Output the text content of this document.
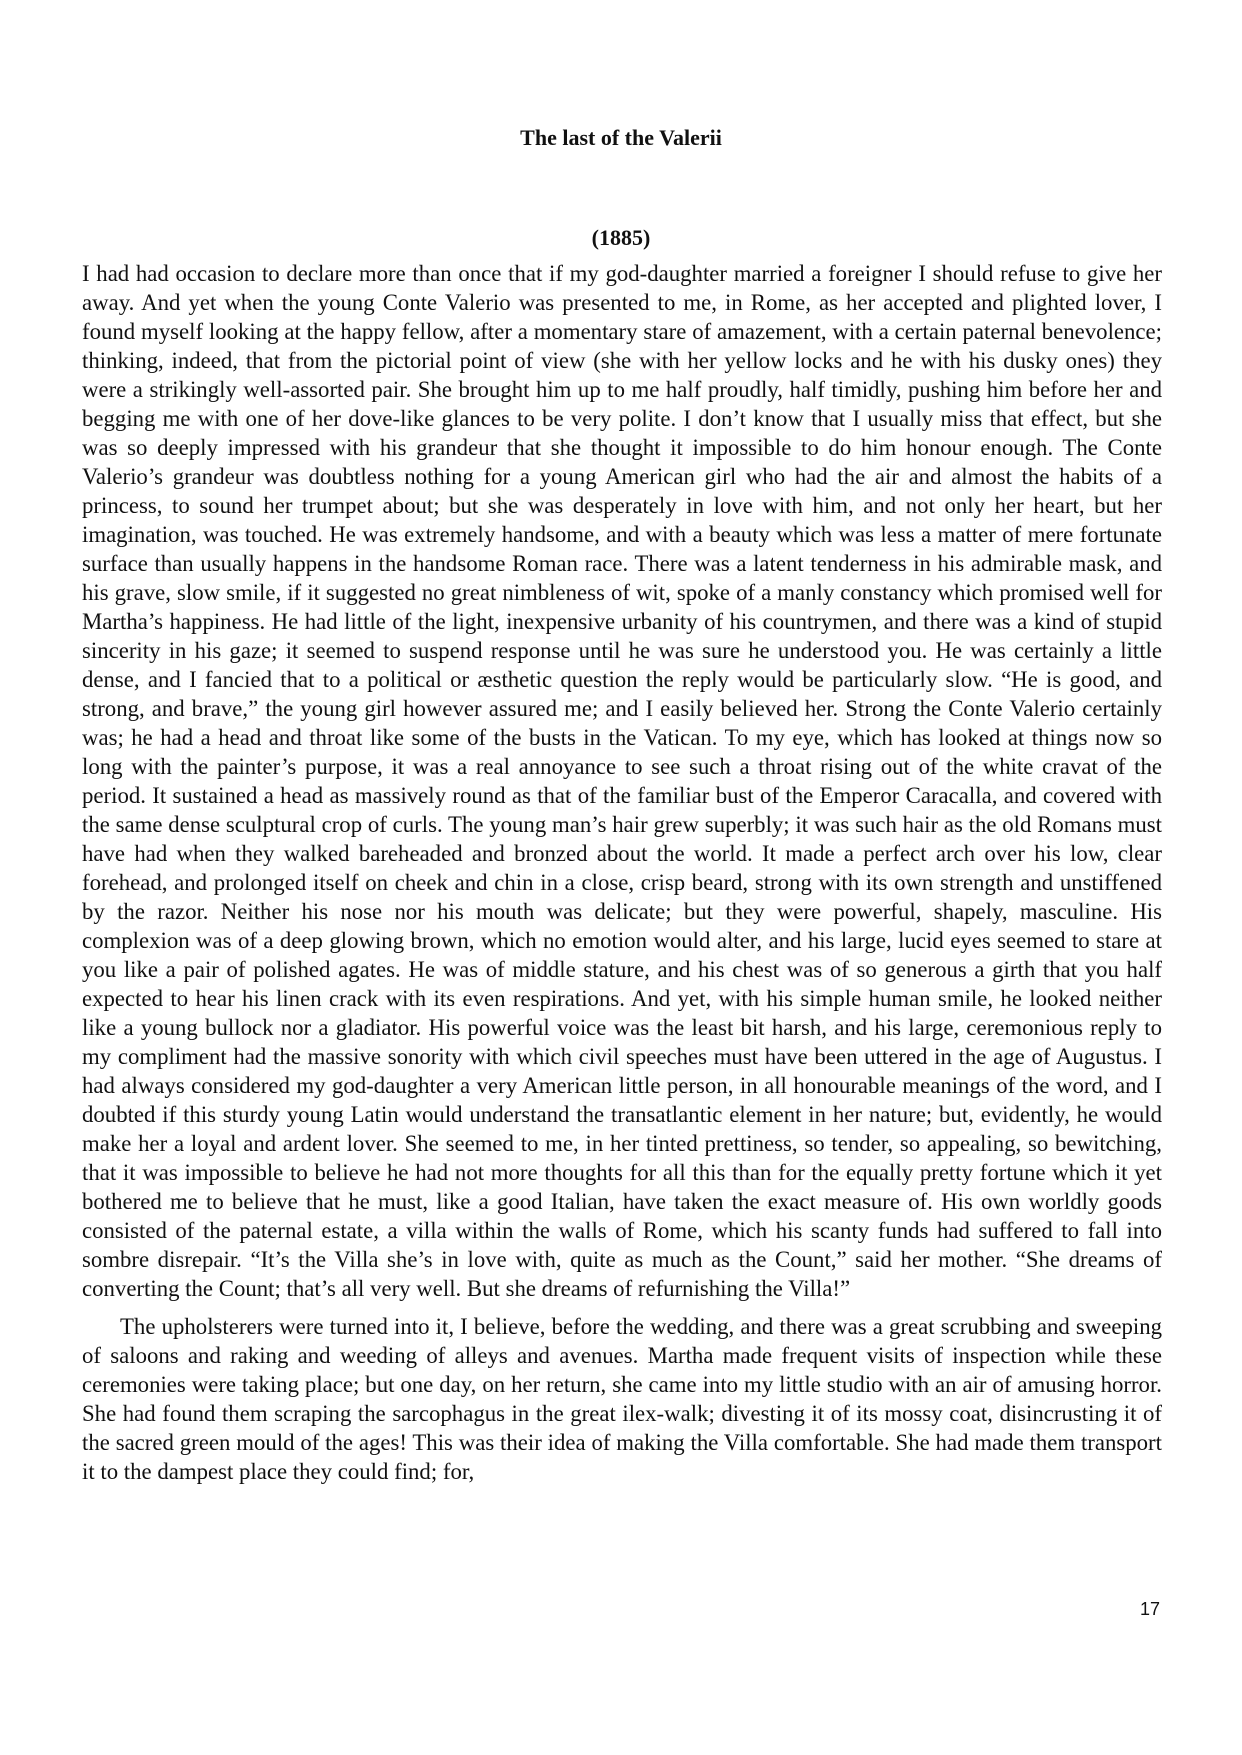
The last of the Valerii
(1885)

I had had occasion to declare more than once that if my god-daughter married a foreigner I should refuse to give her away. And yet when the young Conte Valerio was presented to me, in Rome, as her accepted and plighted lover, I found myself looking at the happy fellow, after a momentary stare of amazement, with a certain paternal benevolence; thinking, indeed, that from the pictorial point of view (she with her yellow locks and he with his dusky ones) they were a strikingly well-assorted pair. She brought him up to me half proudly, half timidly, pushing him before her and begging me with one of her dove-like glances to be very polite. I don’t know that I usually miss that effect, but she was so deeply impressed with his grandeur that she thought it impossible to do him honour enough. The Conte Valerio’s grandeur was doubtless nothing for a young American girl who had the air and almost the habits of a princess, to sound her trumpet about; but she was desperately in love with him, and not only her heart, but her imagination, was touched. He was extremely handsome, and with a beauty which was less a matter of mere fortunate surface than usually happens in the handsome Roman race. There was a latent tenderness in his admirable mask, and his grave, slow smile, if it suggested no great nimbleness of wit, spoke of a manly constancy which promised well for Martha’s happiness. He had little of the light, inexpensive urbanity of his countrymen, and there was a kind of stupid sincerity in his gaze; it seemed to suspend response until he was sure he understood you. He was certainly a little dense, and I fancied that to a political or æsthetic question the reply would be particularly slow. “He is good, and strong, and brave,” the young girl however assured me; and I easily believed her. Strong the Conte Valerio certainly was; he had a head and throat like some of the busts in the Vatican. To my eye, which has looked at things now so long with the painter’s purpose, it was a real annoyance to see such a throat rising out of the white cravat of the period. It sustained a head as massively round as that of the familiar bust of the Emperor Caracalla, and covered with the same dense sculptural crop of curls. The young man’s hair grew superbly; it was such hair as the old Romans must have had when they walked bareheaded and bronzed about the world. It made a perfect arch over his low, clear forehead, and prolonged itself on cheek and chin in a close, crisp beard, strong with its own strength and unstiffened by the razor. Neither his nose nor his mouth was delicate; but they were powerful, shapely, masculine. His complexion was of a deep glowing brown, which no emotion would alter, and his large, lucid eyes seemed to stare at you like a pair of polished agates. He was of middle stature, and his chest was of so generous a girth that you half expected to hear his linen crack with its even respirations. And yet, with his simple human smile, he looked neither like a young bullock nor a gladiator. His powerful voice was the least bit harsh, and his large, ceremonious reply to my compliment had the massive sonority with which civil speeches must have been uttered in the age of Augustus. I had always considered my god-daughter a very American little person, in all honourable meanings of the word, and I doubted if this sturdy young Latin would understand the transatlantic element in her nature; but, evidently, he would make her a loyal and ardent lover. She seemed to me, in her tinted prettiness, so tender, so appealing, so bewitching, that it was impossible to believe he had not more thoughts for all this than for the equally pretty fortune which it yet bothered me to believe that he must, like a good Italian, have taken the exact measure of. His own worldly goods consisted of the paternal estate, a villa within the walls of Rome, which his scanty funds had suffered to fall into sombre disrepair. “It’s the Villa she’s in love with, quite as much as the Count,” said her mother. “She dreams of converting the Count; that’s all very well. But she dreams of refurnishing the Villa!”

The upholsterers were turned into it, I believe, before the wedding, and there was a great scrubbing and sweeping of saloons and raking and weeding of alleys and avenues. Martha made frequent visits of inspection while these ceremonies were taking place; but one day, on her return, she came into my little studio with an air of amusing horror. She had found them scraping the sarcophagus in the great ilex-walk; divesting it of its mossy coat, disincrusting it of the sacred green mould of the ages! This was their idea of making the Villa comfortable. She had made them transport it to the dampest place they could find; for,

17
